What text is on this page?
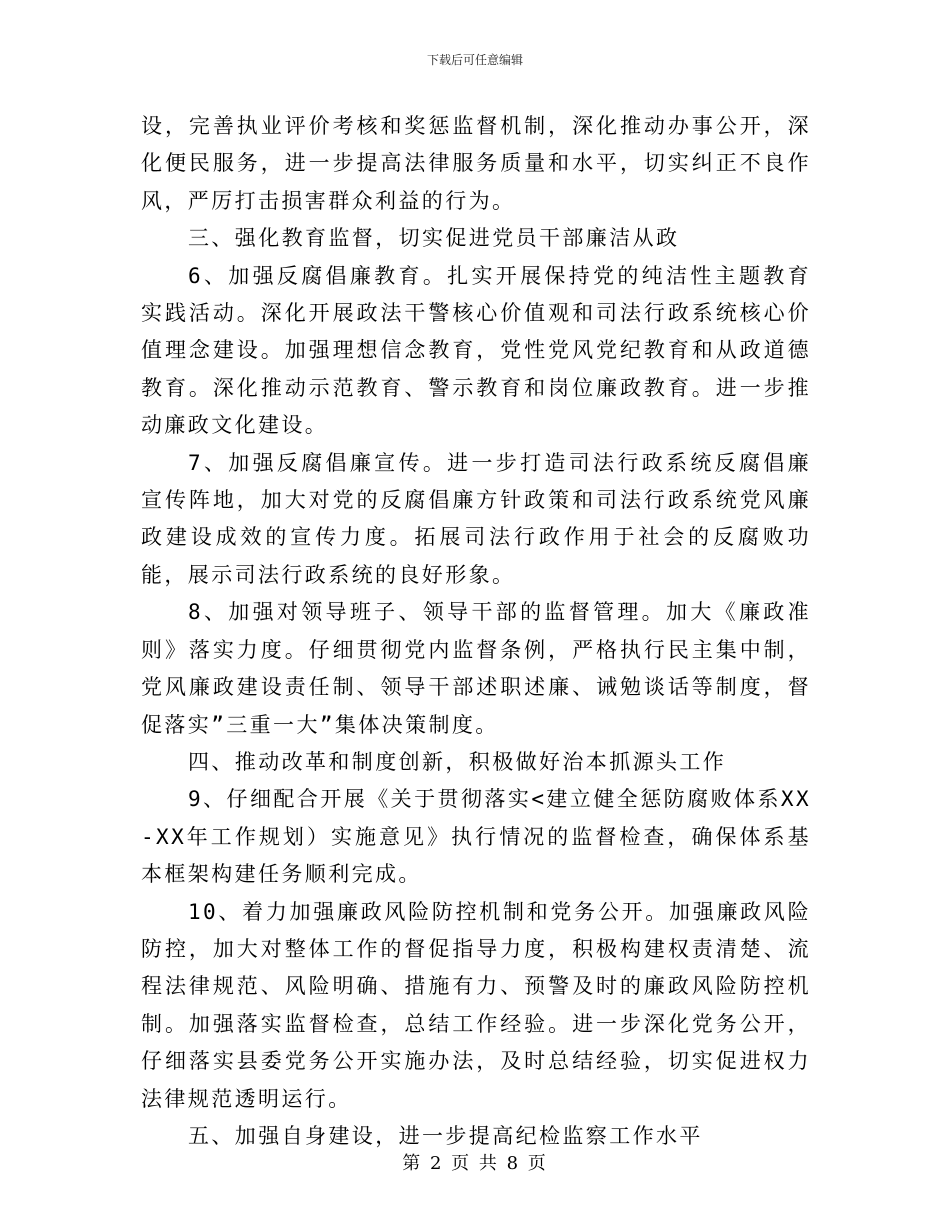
下载后可任意编辑

设，完善执业评价考核和奖惩监督机制，深化推动办事公开，深化便民服务，进一步提高法律服务质量和水平，切实纠正不良作风，严厉打击损害群众利益的行为。

三、强化教育监督，切实促进党员干部廉洁从政

6、加强反腐倡廉教育。扎实开展保持党的纯洁性主题教育实践活动。深化开展政法干警核心价值观和司法行政系统核心价值理念建设。加强理想信念教育，党性党风党纪教育和从政道德教育。深化推动示范教育、警示教育和岗位廉政教育。进一步推动廉政文化建设。

7、加强反腐倡廉宣传。进一步打造司法行政系统反腐倡廉宣传阵地，加大对党的反腐倡廉方针政策和司法行政系统党风廉政建设成效的宣传力度。拓展司法行政作用于社会的反腐败功能，展示司法行政系统的良好形象。

8、加强对领导班子、领导干部的监督管理。加大《廉政准则》落实力度。仔细贯彻党内监督条例，严格执行民主集中制，党风廉政建设责任制、领导干部述职述廉、诫勉谈话等制度，督促落实”三重一大”集体决策制度。

四、推动改革和制度创新，积极做好治本抓源头工作

9、仔细配合开展《关于贯彻落实<建立健全惩防腐败体系XX-XX年工作规划）实施意见》执行情况的监督检查，确保体系基本框架构建任务顺利完成。

10、着力加强廉政风险防控机制和党务公开。加强廉政风险防控，加大对整体工作的督促指导力度，积极构建权责清楚、流程法律规范、风险明确、措施有力、预警及时的廉政风险防控机制。加强落实监督检查，总结工作经验。进一步深化党务公开，仔细落实县委党务公开实施办法，及时总结经验，切实促进权力法律规范透明运行。

五、加强自身建设，进一步提高纪检监察工作水平

第 2 页 共 8 页
